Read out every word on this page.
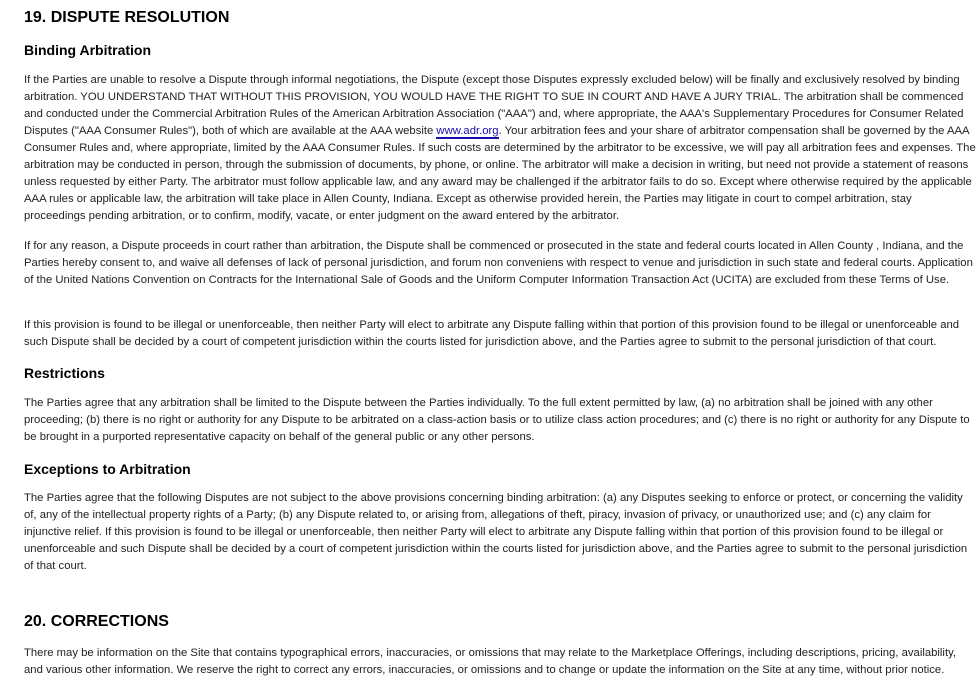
19. DISPUTE RESOLUTION
Binding Arbitration

If the Parties are unable to resolve a Dispute through informal negotiations, the Dispute (except those Disputes expressly excluded below) will be finally and exclusively resolved by binding arbitration. YOU UNDERSTAND THAT WITHOUT THIS PROVISION, YOU WOULD HAVE THE RIGHT TO SUE IN COURT AND HAVE A JURY TRIAL. The arbitration shall be commenced and conducted under the Commercial Arbitration Rules of the American Arbitration Association ("AAA") and, where appropriate, the AAA's Supplementary Procedures for Consumer Related Disputes ("AAA Consumer Rules"), both of which are available at the AAA website www.adr.org. Your arbitration fees and your share of arbitrator compensation shall be governed by the AAA Consumer Rules and, where appropriate, limited by the AAA Consumer Rules. If such costs are determined by the arbitrator to be excessive, we will pay all arbitration fees and expenses. The arbitration may be conducted in person, through the submission of documents, by phone, or online. The arbitrator will make a decision in writing, but need not provide a statement of reasons unless requested by either Party. The arbitrator must follow applicable law, and any award may be challenged if the arbitrator fails to do so. Except where otherwise required by the applicable AAA rules or applicable law, the arbitration will take place in Allen County, Indiana. Except as otherwise provided herein, the Parties may litigate in court to compel arbitration, stay proceedings pending arbitration, or to confirm, modify, vacate, or enter judgment on the award entered by the arbitrator.

If for any reason, a Dispute proceeds in court rather than arbitration, the Dispute shall be commenced or prosecuted in the state and federal courts located in Allen County , Indiana, and the Parties hereby consent to, and waive all defenses of lack of personal jurisdiction, and forum non conveniens with respect to venue and jurisdiction in such state and federal courts. Application of the United Nations Convention on Contracts for the International Sale of Goods and the Uniform Computer Information Transaction Act (UCITA) are excluded from these Terms of Use.

If this provision is found to be illegal or unenforceable, then neither Party will elect to arbitrate any Dispute falling within that portion of this provision found to be illegal or unenforceable and such Dispute shall be decided by a court of competent jurisdiction within the courts listed for jurisdiction above, and the Parties agree to submit to the personal jurisdiction of that court.

Restrictions

The Parties agree that any arbitration shall be limited to the Dispute between the Parties individually. To the full extent permitted by law, (a) no arbitration shall be joined with any other proceeding; (b) there is no right or authority for any Dispute to be arbitrated on a class-action basis or to utilize class action procedures; and (c) there is no right or authority for any Dispute to be brought in a purported representative capacity on behalf of the general public or any other persons.

Exceptions to Arbitration

The Parties agree that the following Disputes are not subject to the above provisions concerning binding arbitration: (a) any Disputes seeking to enforce or protect, or concerning the validity of, any of the intellectual property rights of a Party; (b) any Dispute related to, or arising from, allegations of theft, piracy, invasion of privacy, or unauthorized use; and (c) any claim for injunctive relief. If this provision is found to be illegal or unenforceable, then neither Party will elect to arbitrate any Dispute falling within that portion of this provision found to be illegal or unenforceable and such Dispute shall be decided by a court of competent jurisdiction within the courts listed for jurisdiction above, and the Parties agree to submit to the personal jurisdiction of that court.

20. CORRECTIONS

There may be information on the Site that contains typographical errors, inaccuracies, or omissions that may relate to the Marketplace Offerings, including descriptions, pricing, availability, and various other information. We reserve the right to correct any errors, inaccuracies, or omissions and to change or update the information on the Site at any time, without prior notice.
